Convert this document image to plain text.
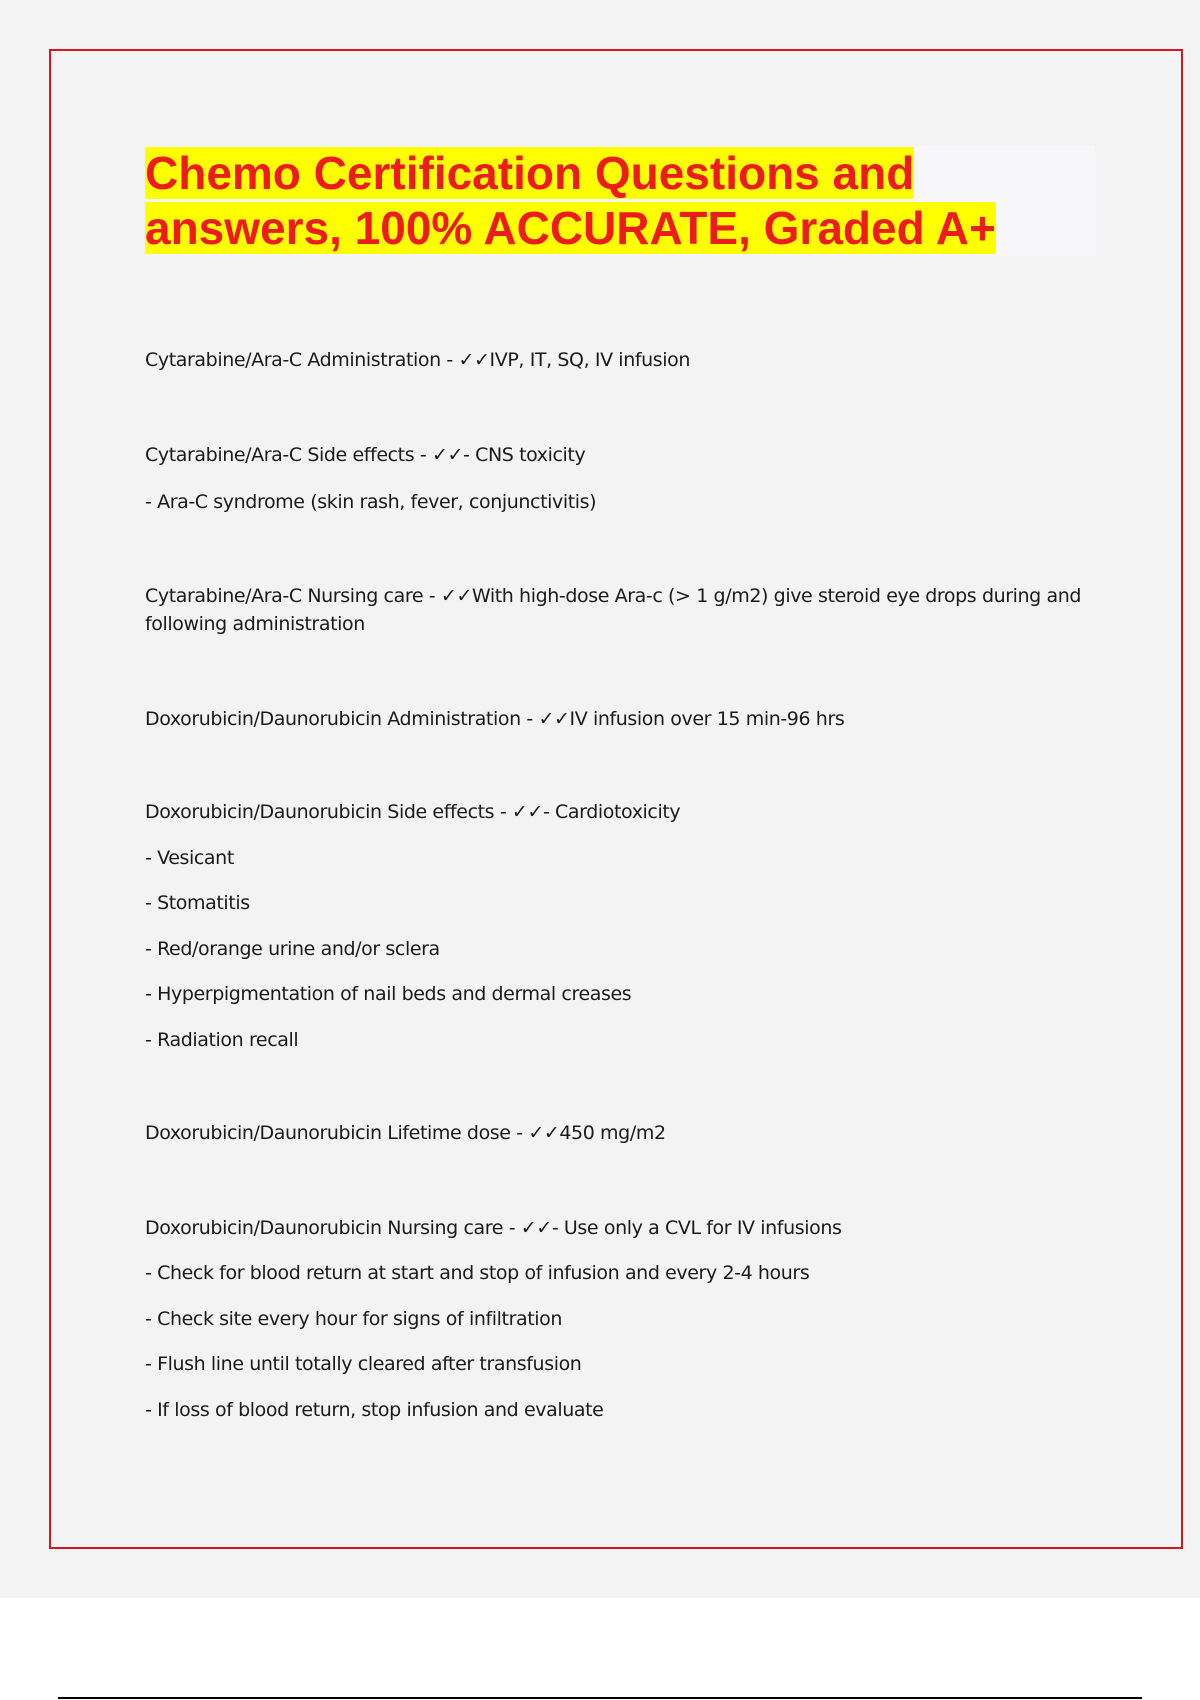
Chemo Certification Questions and
answers, 100% ACCURATE, Graded A+
Cytarabine/Ara-C Administration - ✓✓IVP, IT, SQ, IV infusion
Cytarabine/Ara-C Side effects - ✓✓- CNS toxicity
- Ara-C syndrome (skin rash, fever, conjunctivitis)
Cytarabine/Ara-C Nursing care - ✓✓With high-dose Ara-c (> 1 g/m2) give steroid eye drops during and
following administration
Doxorubicin/Daunorubicin Administration - ✓✓IV infusion over 15 min-96 hrs
Doxorubicin/Daunorubicin Side effects - ✓✓- Cardiotoxicity
- Vesicant
- Stomatitis
- Red/orange urine and/or sclera
- Hyperpigmentation of nail beds and dermal creases
- Radiation recall
Doxorubicin/Daunorubicin Lifetime dose - ✓✓450 mg/m2
Doxorubicin/Daunorubicin Nursing care - ✓✓- Use only a CVL for IV infusions
- Check for blood return at start and stop of infusion and every 2-4 hours
- Check site every hour for signs of infiltration
- Flush line until totally cleared after transfusion
- If loss of blood return, stop infusion and evaluate
